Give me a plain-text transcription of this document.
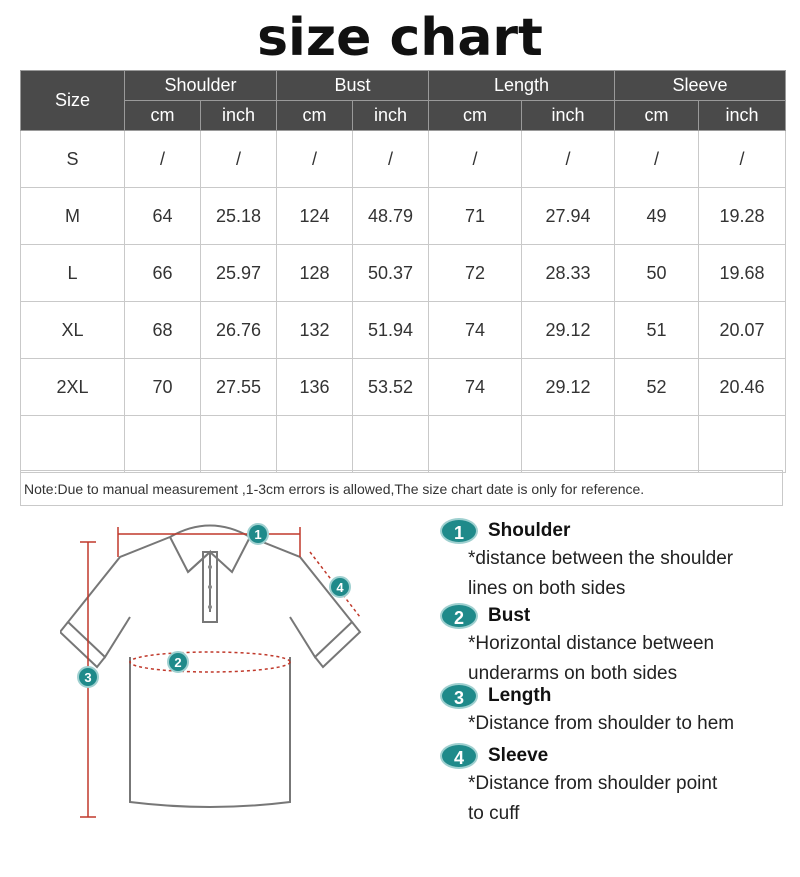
size chart
Size	Shoulder		Bust		Length		Sleeve	
	cm	inch	cm	inch	cm	inch	cm	inch
S	/	/	/	/	/	/	/	/
M	64	25.18	124	48.79	71	27.94	49	19.28
L	66	25.97	128	50.37	72	28.33	50	19.68
XL	68	26.76	132	51.94	74	29.12	51	20.07
2XL	70	27.55	136	53.52	74	29.12	52	20.46

Note:Due to manual measurement ,1-3cm errors is allowed,The size chart date is only for reference.
1
2
3
4
1 Shoulder
*distance between the shoulder
lines on both sides
2 Bust
*Horizontal distance between
underarms on both sides
3 Length
*Distance from shoulder to hem
4 Sleeve
*Distance from shoulder point
to cuff
